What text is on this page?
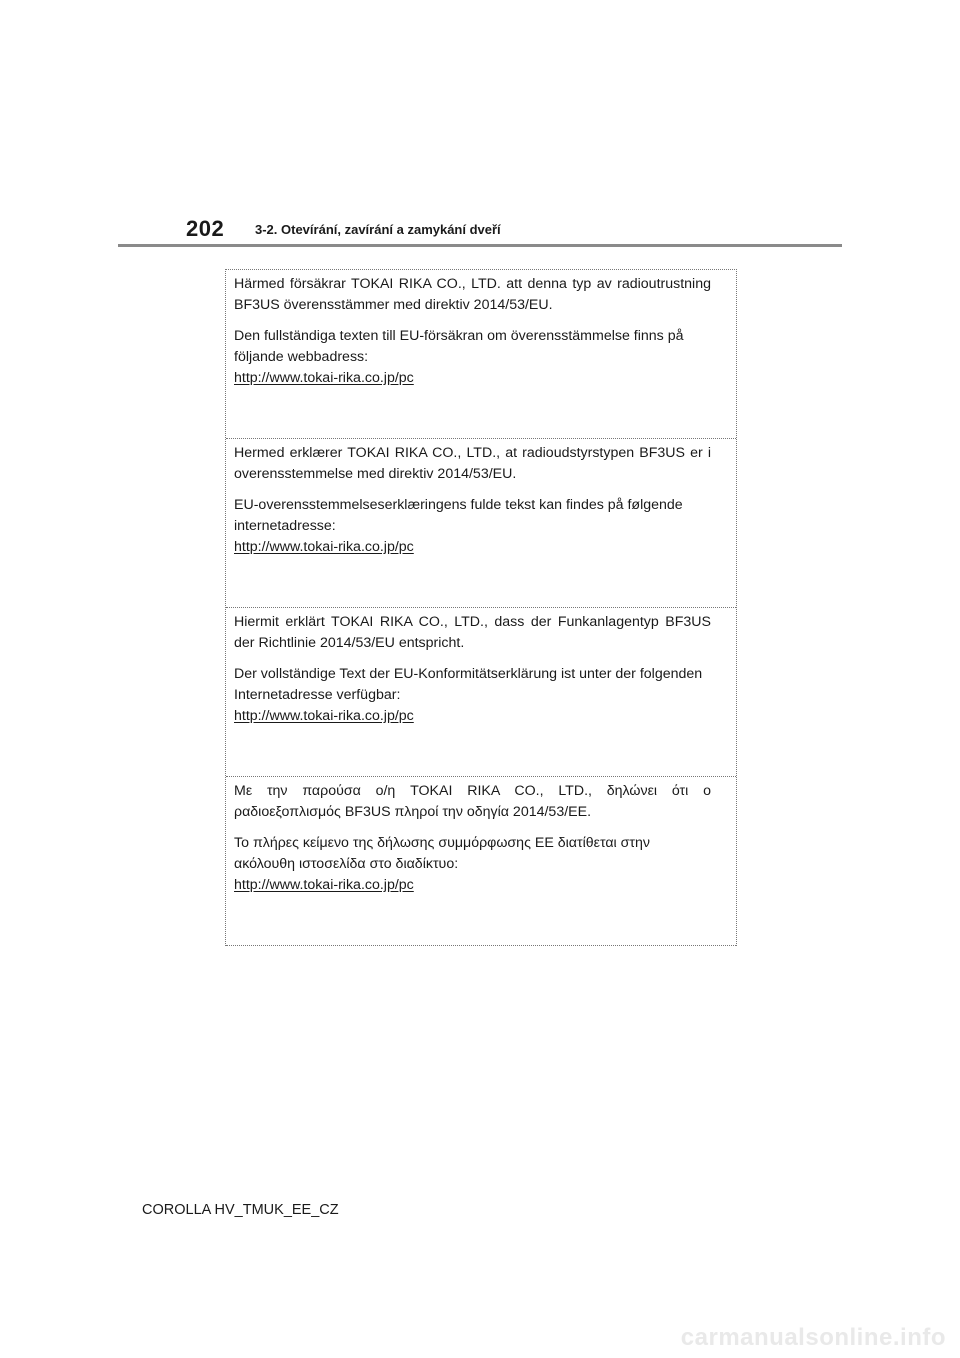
202 3-2. Otevírání, zavírání a zamykání dveří

Härmed försäkrar TOKAI RIKA CO., LTD. att denna typ av radioutrustning BF3US överensstämmer med direktiv 2014/53/EU.

Den fullständiga texten till EU-försäkran om överensstämmelse finns på följande webbadress:
http://www.tokai-rika.co.jp/pc

Hermed erklærer TOKAI RIKA CO., LTD., at radioudstyrstypen BF3US er i overensstemmelse med direktiv 2014/53/EU.

EU-overensstemmelseserklæringens fulde tekst kan findes på følgende internetadresse:
http://www.tokai-rika.co.jp/pc

Hiermit erklärt TOKAI RIKA CO., LTD., dass der Funkanlagentyp BF3US der Richtlinie 2014/53/EU entspricht.

Der vollständige Text der EU-Konformitätserklärung ist unter der folgenden Internetadresse verfügbar:
http://www.tokai-rika.co.jp/pc

Με την παρούσα ο/η TOKAI RIKA CO., LTD., δηλώνει ότι ο ραδιοεξοπλισμός BF3US πληροί την οδηγία 2014/53/ΕΕ.

Το πλήρες κείμενο της δήλωσης συμμόρφωσης ΕΕ διατίθεται στην ακόλουθη ιστοσελίδα στο διαδίκτυο:
http://www.tokai-rika.co.jp/pc

COROLLA HV_TMUK_EE_CZ
carmanualsonline.info
